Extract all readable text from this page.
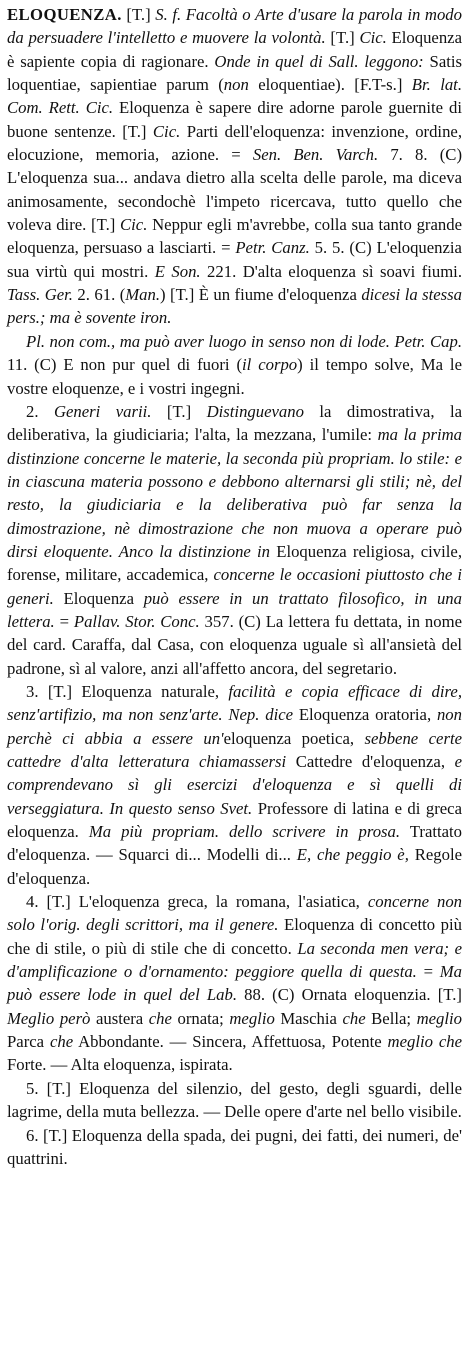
ELOQUENZA. [T.] S. f. Facoltà o Arte d'usare la parola in modo da persuadere l'intelletto e muovere la volontà. [T.] Cic. Eloquenza è sapiente copia di ragionare. Onde in quel di Sall. leggono: Satis loquentiae, sapientiae parum (non eloquentiae). [F.T-s.] Br. lat. Com. Rett. Cic. Eloquenza è sapere dire adorne parole guernite di buone sentenze. [T.] Cic. Parti dell'eloquenza: invenzione, ordine, elocuzione, memoria, azione. = Sen. Ben. Varch. 7. 8. (C) L'eloquenza sua... andava dietro alla scelta delle parole, ma diceva animosamente, secondochè l'impeto ricercava, tutto quello che voleva dire. [T.] Cic. Neppur egli m'avrebbe, colla sua tanto grande eloquenza, persuaso a lasciarti. = Petr. Canz. 5. 5. (C) L'eloquenzia sua virtù qui mostri. E Son. 221. D'alta eloquenza sì soavi fiumi. Tass. Ger. 2. 61. (Man.) [T.] È un fiume d'eloquenza dicesi la stessa pers.; ma è sovente iron.

Pl. non com., ma può aver luogo in senso non di lode. Petr. Cap. 11. (C) E non pur quel di fuori (il corpo) il tempo solve, Ma le vostre eloquenze, e i vostri ingegni.

2. Generi varii. [T.] Distinguevano la dimostrativa, la deliberativa, la giudiciaria; l'alta, la mezzana, l'umile: ma la prima distinzione concerne le materie, la seconda più propriam. lo stile: e in ciascuna materia possono e debbono alternarsi gli stili; nè, del resto, la giudiciaria e la deliberativa può far senza la dimostrazione, nè dimostrazione che non muova a operare può dirsi eloquente. Anco la distinzione in Eloquenza religiosa, civile, forense, militare, accademica, concerne le occasioni piuttosto che i generi. Eloquenza può essere in un trattato filosofico, in una lettera. = Pallav. Stor. Conc. 357. (C) La lettera fu dettata, in nome del card. Caraffa, dal Casa, con eloquenza uguale sì all'ansietà del padrone, sì al valore, anzi all'affetto ancora, del segretario.

3. [T.] Eloquenza naturale, facilità e copia efficace di dire, senz'artifizio, ma non senz'arte. Nep. dice Eloquenza oratoria, non perchè ci abbia a essere un'eloquenza poetica, sebbene certe cattedre d'alta letteratura chiamassersi Cattedre d'eloquenza, e comprendevano sì gli esercizi d'eloquenza e sì quelli di verseggiatura. In questo senso Svet. Professore di latina e di greca eloquenza. Ma più propriam. dello scrivere in prosa. Trattato d'eloquenza. — Squarci di... Modelli di... E, che peggio è, Regole d'eloquenza.

4. [T.] L'eloquenza greca, la romana, l'asiatica, concerne non solo l'orig. degli scrittori, ma il genere. Eloquenza di concetto più che di stile, o più di stile che di concetto. La seconda men vera; e d'amplificazione o d'ornamento: peggiore quella di questa. = Ma può essere lode in quel del Lab. 88. (C) Ornata eloquenzia. [T.] Meglio però austera che ornata; meglio Maschia che Bella; meglio Parca che Abbondante. — Sincera, Affettuosa, Potente meglio che Forte. — Alta eloquenza, ispirata.

5. [T.] Eloquenza del silenzio, del gesto, degli sguardi, delle lagrime, della muta bellezza. — Delle opere d'arte nel bello visibile.

6. [T.] Eloquenza della spada, dei pugni, dei fatti, dei numeri, de' quattrini.
